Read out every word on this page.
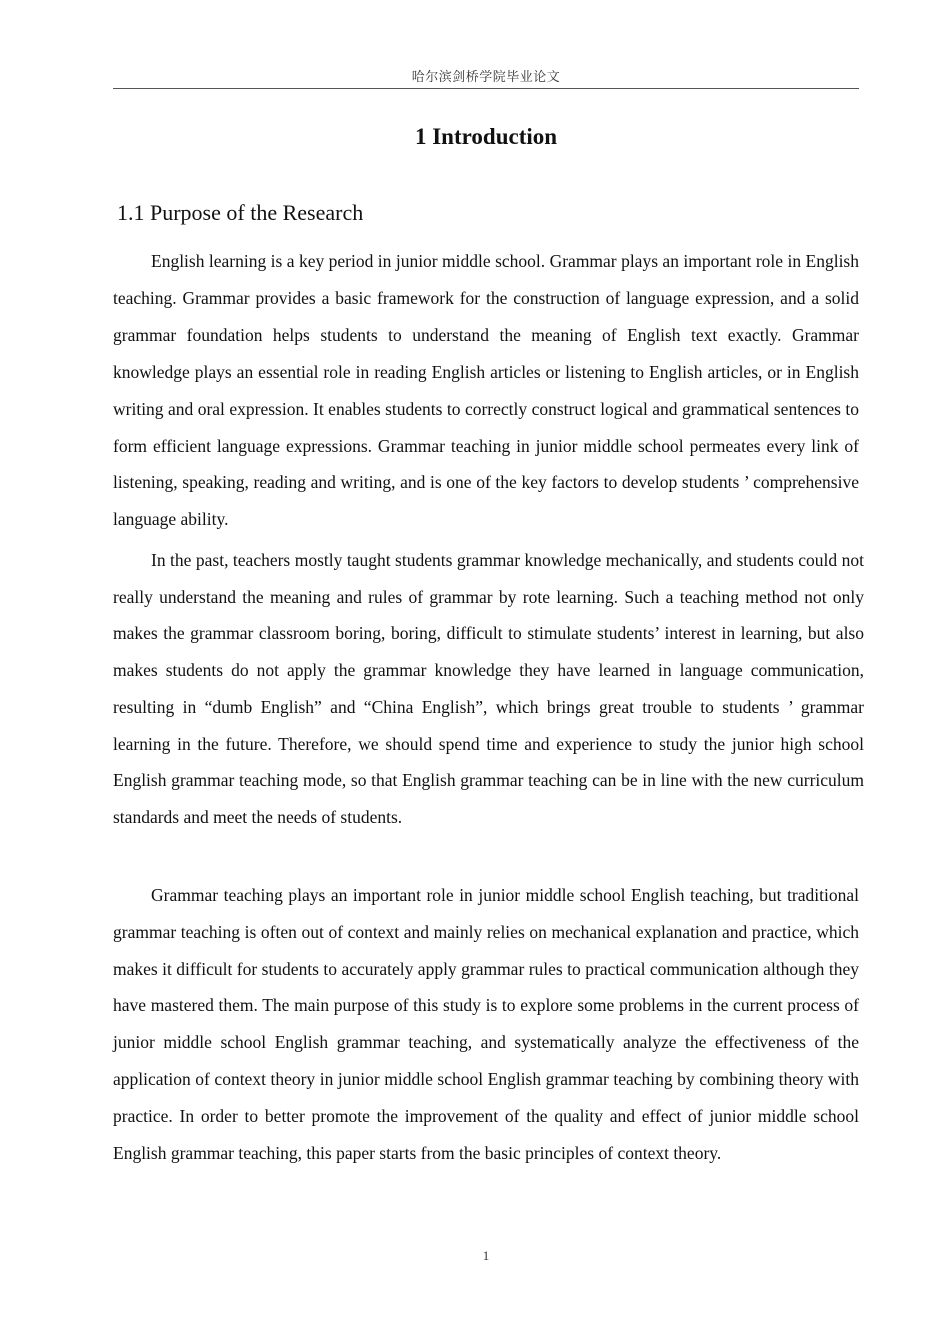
哈尔滨剑桥学院毕业论文
1 Introduction
1.1 Purpose of the Research

English learning is a key period in junior middle school. Grammar plays an important role in English teaching. Grammar provides a basic framework for the construction of language expression, and a solid grammar foundation helps students to understand the meaning of English text exactly. Grammar knowledge plays an essential role in reading English articles or listening to English articles, or in English writing and oral expression. It enables students to correctly construct logical and grammatical sentences to form efficient language expressions. Grammar teaching in junior middle school permeates every link of listening, speaking, reading and writing, and is one of the key factors to develop students ’ comprehensive language ability.

In the past, teachers mostly taught students grammar knowledge mechanically, and students could not really understand the meaning and rules of grammar by rote learning. Such a teaching method not only makes the grammar classroom boring, boring, difficult to stimulate students’ interest in learning, but also makes students do not apply the grammar knowledge they have learned in language communication, resulting in “dumb English” and “China English”, which brings great trouble to students ’ grammar learning in the future. Therefore, we should spend time and experience to study the junior high school English grammar teaching mode, so that English grammar teaching can be in line with the new curriculum standards and meet the needs of students.

Grammar teaching plays an important role in junior middle school English teaching, but traditional grammar teaching is often out of context and mainly relies on mechanical explanation and practice, which makes it difficult for students to accurately apply grammar rules to practical communication although they have mastered them. The main purpose of this study is to explore some problems in the current process of junior middle school English grammar teaching, and systematically analyze the effectiveness of the application of context theory in junior middle school English grammar teaching by combining theory with practice. In order to better promote the improvement of the quality and effect of junior middle school English grammar teaching, this paper starts from the basic principles of context theory.

1
